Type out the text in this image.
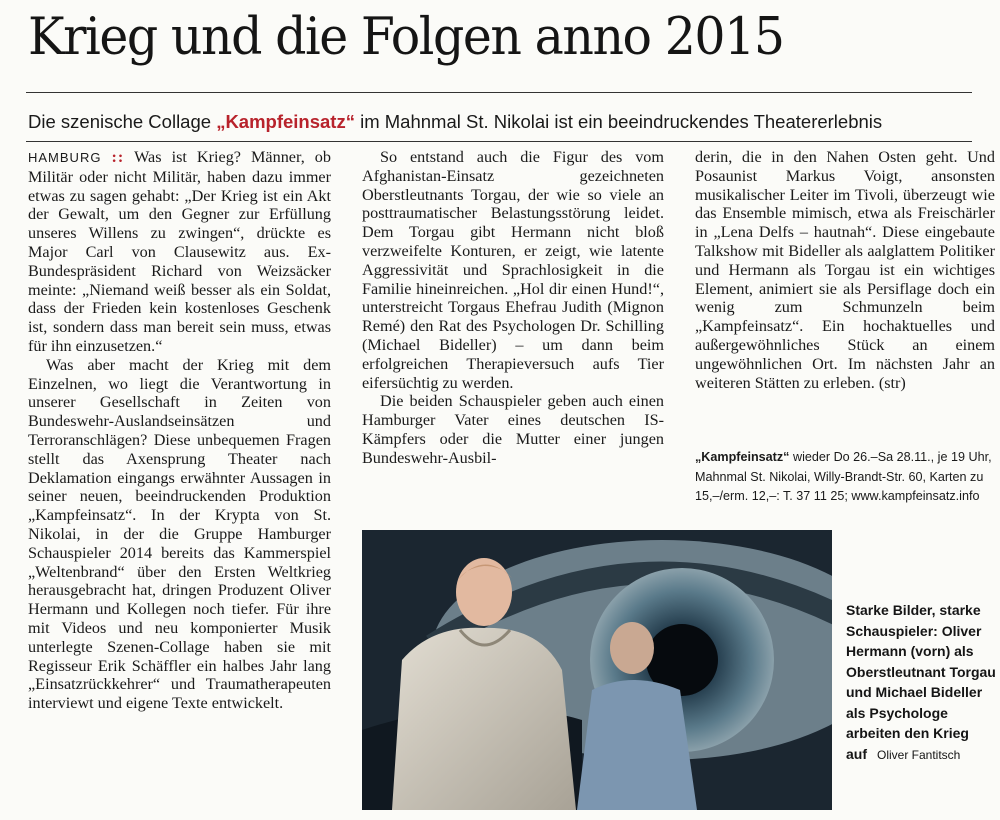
Krieg und die Folgen anno 2015
Die szenische Collage „Kampfeinsatz“ im Mahnmal St. Nikolai ist ein beeindruckendes Theatererlebnis

HAMBURG :: Was ist Krieg? Männer, ob Militär oder nicht Militär, haben dazu immer etwas zu sagen gehabt: „Der Krieg ist ein Akt der Gewalt, um den Gegner zur Erfüllung unseres Willens zu zwingen“, drückte es Major Carl von Clausewitz aus. Ex-Bundespräsident Richard von Weizsäcker meinte: „Niemand weiß besser als ein Soldat, dass der Frieden kein kostenloses Geschenk ist, sondern dass man bereit sein muss, etwas für ihn einzusetzen.“

Was aber macht der Krieg mit dem Einzelnen, wo liegt die Verantwortung in unserer Gesellschaft in Zeiten von Bundeswehr-Auslandseinsätzen und Terroranschlägen? Diese unbequemen Fragen stellt das Axensprung Theater nach Deklamation eingangs erwähnter Aussagen in seiner neuen, beeindruckenden Produktion „Kampfeinsatz“. In der Krypta von St. Nikolai, in der die Gruppe Hamburger Schauspieler 2014 bereits das Kammerspiel „Weltenbrand“ über den Ersten Weltkrieg herausgebracht hat, dringen Produzent Oliver Hermann und Kollegen noch tiefer. Für ihre mit Videos und neu komponierter Musik unterlegte Szenen-Collage haben sie mit Regisseur Erik Schäffler ein halbes Jahr lang „Einsatzrückkehrer“ und Traumatherapeuten interviewt und eigene Texte entwickelt.

So entstand auch die Figur des vom Afghanistan-Einsatz gezeichneten Oberstleutnants Torgau, der wie so viele an posttraumatischer Belastungsstörung leidet. Dem Torgau gibt Hermann nicht bloß verzweifelte Konturen, er zeigt, wie latente Aggressivität und Sprachlosigkeit in die Familie hineinreichen. „Hol dir einen Hund!“, unterstreicht Torgaus Ehefrau Judith (Mignon Remé) den Rat des Psychologen Dr. Schilling (Michael Bideller) – um dann beim erfolgreichen Therapieversuch aufs Tier eifersüchtig zu werden.

Die beiden Schauspieler geben auch einen Hamburger Vater eines deutschen IS-Kämpfers oder die Mutter einer jungen Bundeswehr-Ausbil-

derin, die in den Nahen Osten geht. Und Posaunist Markus Voigt, ansonsten musikalischer Leiter im Tivoli, überzeugt wie das Ensemble mimisch, etwa als Freischärler in „Lena Delfs – hautnah“. Diese eingebaute Talkshow mit Bideller als aalglattem Politiker und Hermann als Torgau ist ein wichtiges Element, animiert sie als Persiflage doch ein wenig zum Schmunzeln beim „Kampfeinsatz“. Ein hochaktuelles und außergewöhnliches Stück an einem ungewöhnlichen Ort. Im nächsten Jahr an weiteren Stätten zu erleben. (str)

„Kampfeinsatz“ wieder Do 26.–Sa 28.11., je 19 Uhr, Mahnmal St. Nikolai, Willy-Brandt-Str. 60, Karten zu 15,–/erm. 12,–: T. 37 11 25; www.kampfeinsatz.info
Starke Bilder, starke Schauspieler: Oliver Hermann (vorn) als Oberstleutnant Torgau und Michael Bideller als Psychologe arbeiten den Krieg auf Oliver Fantitsch
